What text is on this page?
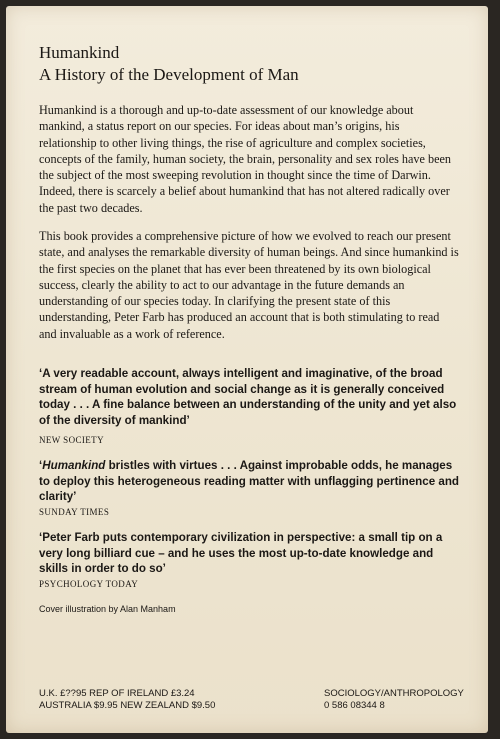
Humankind
A History of the Development of Man

Humankind is a thorough and up-to-date assessment of our knowledge about mankind, a status report on our species. For ideas about man’s origins, his relationship to other living things, the rise of agriculture and complex societies, concepts of the family, human society, the brain, personality and sex roles have been the subject of the most sweeping revolution in thought since the time of Darwin. Indeed, there is scarcely a belief about humankind that has not altered radically over the past two decades.

This book provides a comprehensive picture of how we evolved to reach our present state, and analyses the remarkable diversity of human beings. And since humankind is the first species on the planet that has ever been threatened by its own biological success, clearly the ability to act to our advantage in the future demands an understanding of our species today. In clarifying the present state of this understanding, Peter Farb has produced an account that is both stimulating to read and invaluable as a work of reference.

‘A very readable account, always intelligent and imaginative, of the broad stream of human evolution and social change as it is generally conceived today . . . A fine balance between an understanding of the unity and yet also of the diversity of mankind’

NEW SOCIETY

‘Humankind bristles with virtues . . . Against improbable odds, he manages to deploy this heterogeneous reading matter with unflagging pertinence and clarity’

SUNDAY TIMES

‘Peter Farb puts contemporary civilization in perspective: a small tip on a very long billiard cue – and he uses the most up-to-date knowledge and skills in order to do so’

PSYCHOLOGY TODAY

Cover illustration by Alan Manham

U.K. £??95 REP OF IRELAND £3.24
AUSTRALIA $9.95 NEW ZEALAND $9.50

SOCIOLOGY/ANTHROPOLOGY
0 586 08344 8
